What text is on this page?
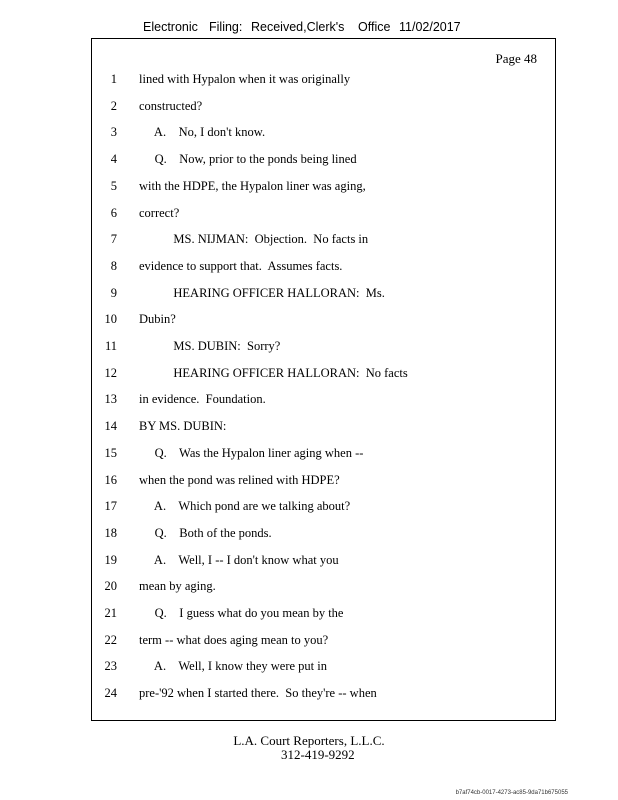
Electronic Filing: Received,Clerk's Office 11/02/2017
Page 48
1 lined with Hypalon when it was originally
2 constructed?
3 A.    No, I don't know.
4 Q.    Now, prior to the ponds being lined
5 with the HDPE, the Hypalon liner was aging,
6 correct?
7 MS. NIJMAN:  Objection.  No facts in
8 evidence to support that.  Assumes facts.
9 HEARING OFFICER HALLORAN:  Ms.
10 Dubin?
11 MS. DUBIN:  Sorry?
12 HEARING OFFICER HALLORAN:  No facts
13 in evidence.  Foundation.
14 BY MS. DUBIN:
15 Q.    Was the Hypalon liner aging when --
16 when the pond was relined with HDPE?
17 A.    Which pond are we talking about?
18 Q.    Both of the ponds.
19 A.    Well, I -- I don't know what you
20 mean by aging.
21 Q.    I guess what do you mean by the
22 term -- what does aging mean to you?
23 A.    Well, I know they were put in
24 pre-'92 when I started there.  So they're -- when
L.A. Court Reporters, L.L.C.
312-419-9292
b7af74cb-0017-4273-ac85-9da71b675055
